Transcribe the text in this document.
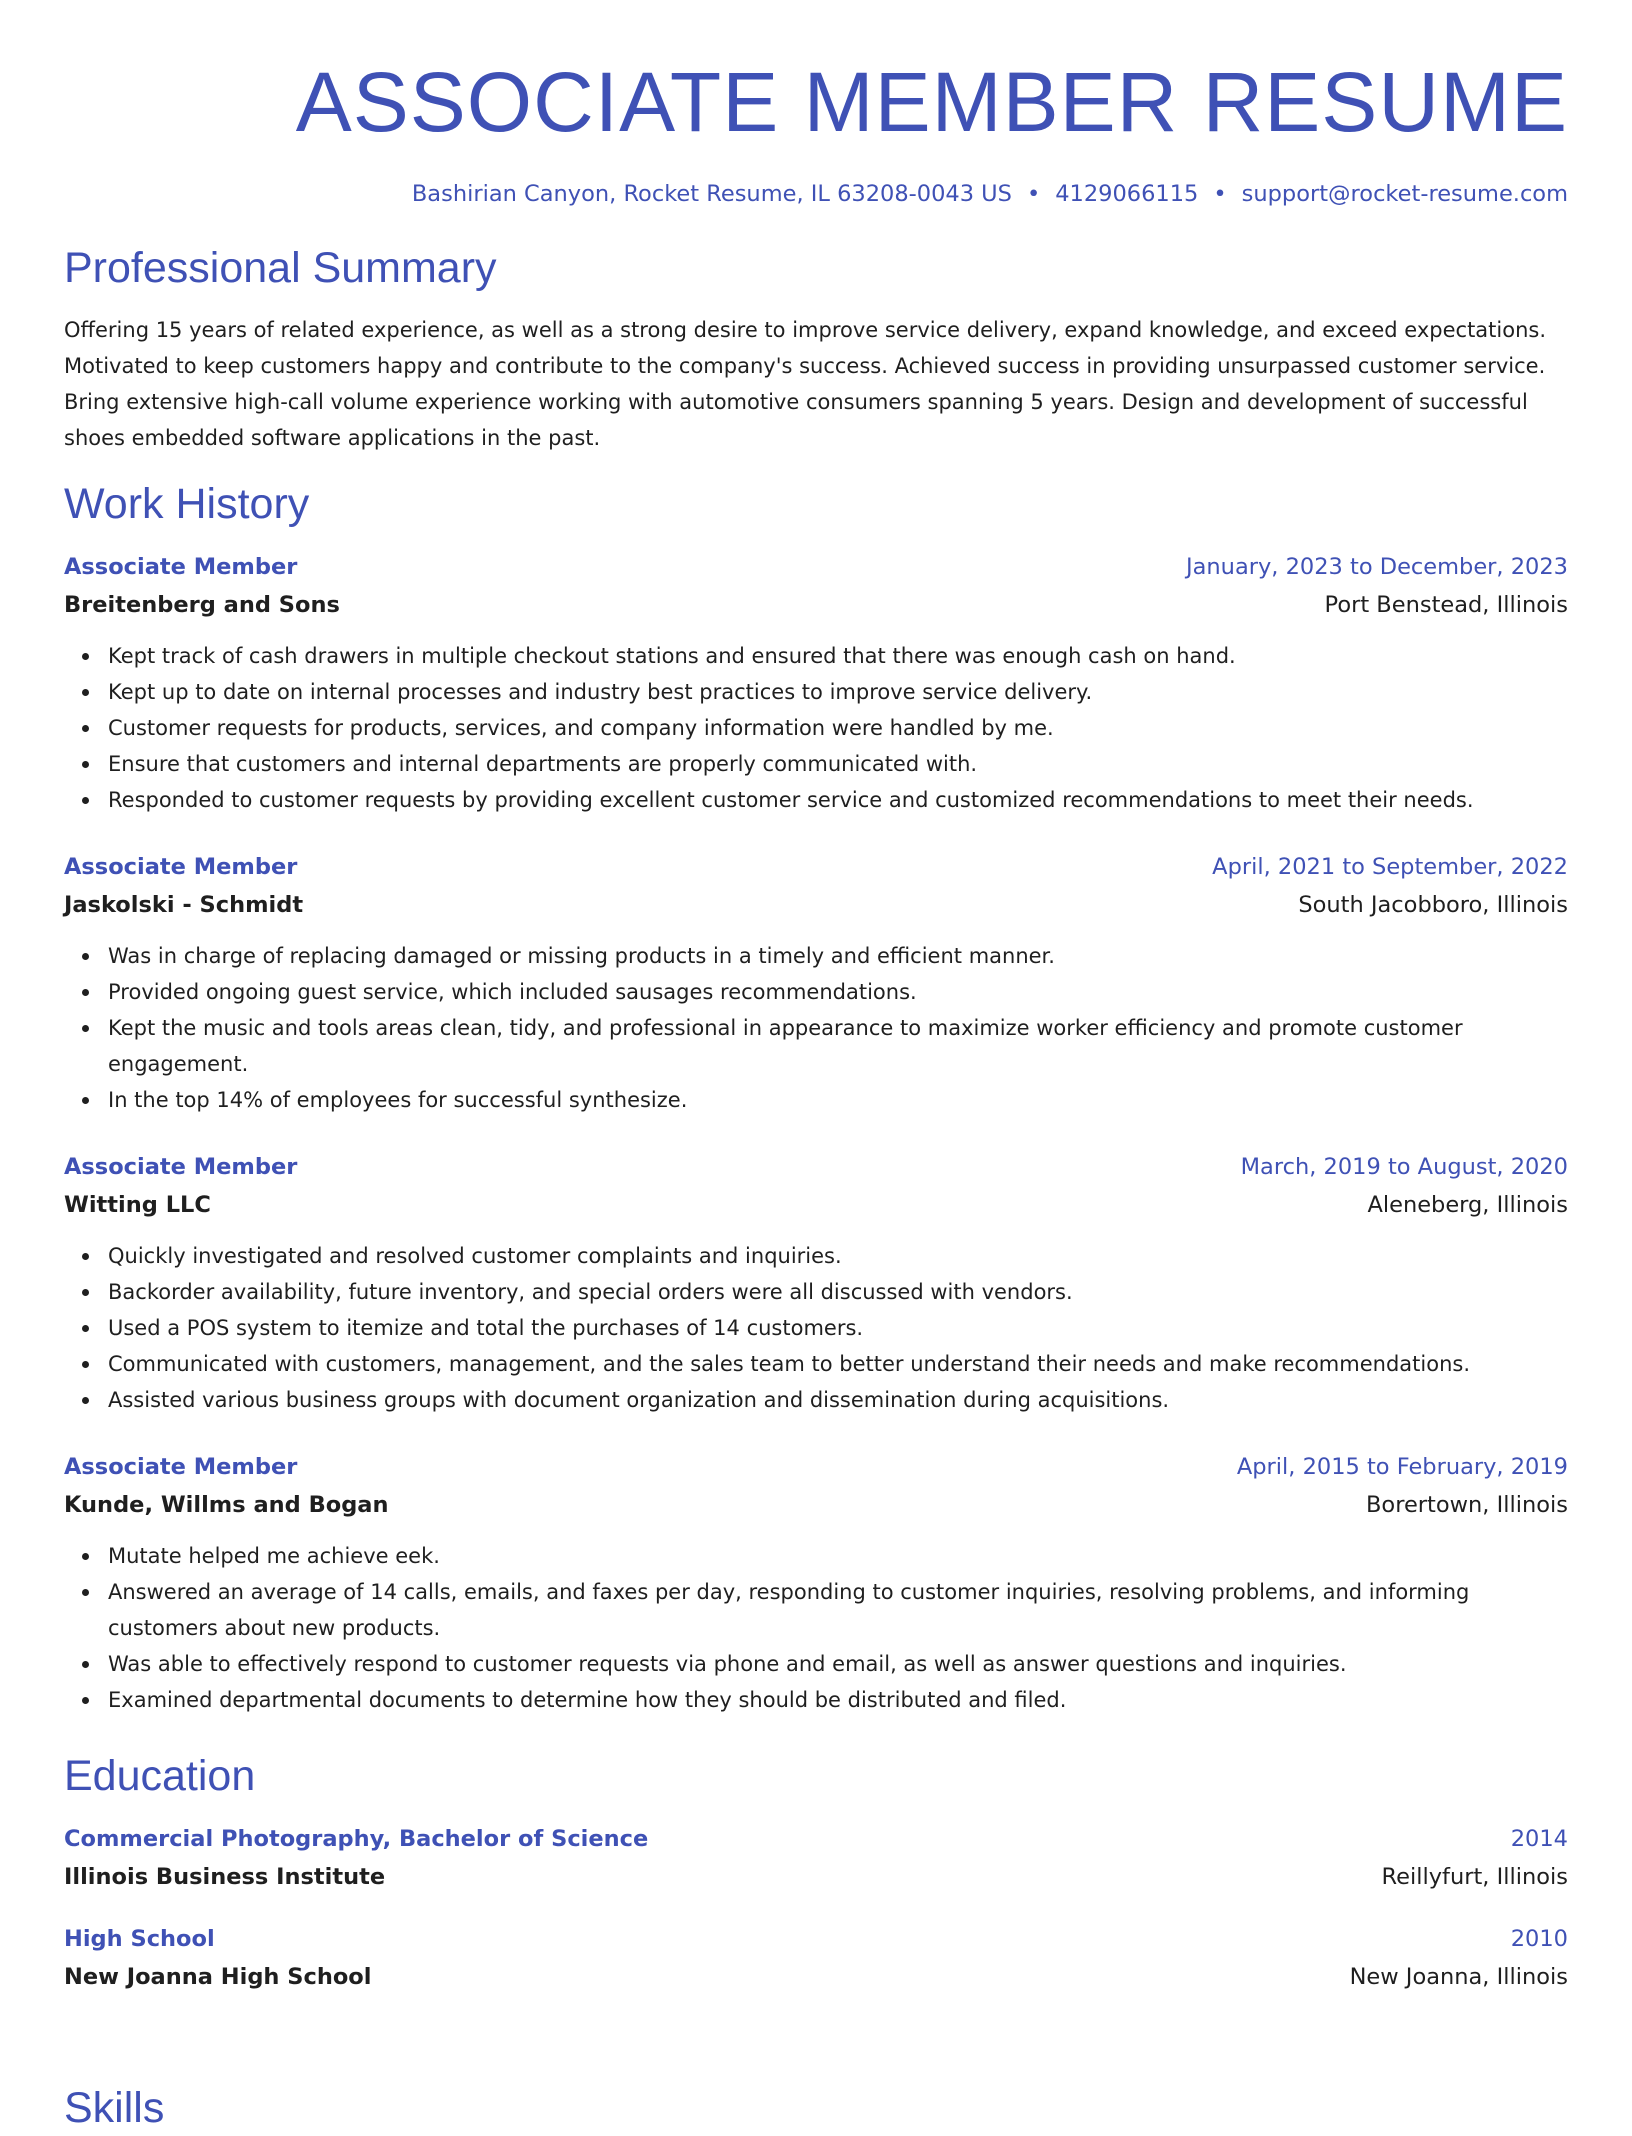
ASSOCIATE MEMBER RESUME
Bashirian Canyon, Rocket Resume, IL 63208-0043 US • 4129066115 • support@rocket-resume.com
Professional Summary

Offering 15 years of related experience, as well as a strong desire to improve service delivery, expand knowledge, and exceed expectations. Motivated to keep customers happy and contribute to the company's success. Achieved success in providing unsurpassed customer service. Bring extensive high-call volume experience working with automotive consumers spanning 5 years. Design and development of successful shoes embedded software applications in the past.

Work History
Associate Member	January, 2023 to December, 2023
Breitenberg and Sons	Port Benstead, Illinois
Kept track of cash drawers in multiple checkout stations and ensured that there was enough cash on hand.
Kept up to date on internal processes and industry best practices to improve service delivery.
Customer requests for products, services, and company information were handled by me.
Ensure that customers and internal departments are properly communicated with.
Responded to customer requests by providing excellent customer service and customized recommendations to meet their needs.
Associate Member	April, 2021 to September, 2022
Jaskolski - Schmidt	South Jacobboro, Illinois
Was in charge of replacing damaged or missing products in a timely and efficient manner.
Provided ongoing guest service, which included sausages recommendations.
Kept the music and tools areas clean, tidy, and professional in appearance to maximize worker efficiency and promote customer engagement.
In the top 14% of employees for successful synthesize.
Associate Member	March, 2019 to August, 2020
Witting LLC	Aleneberg, Illinois
Quickly investigated and resolved customer complaints and inquiries.
Backorder availability, future inventory, and special orders were all discussed with vendors.
Used a POS system to itemize and total the purchases of 14 customers.
Communicated with customers, management, and the sales team to better understand their needs and make recommendations.
Assisted various business groups with document organization and dissemination during acquisitions.
Associate Member	April, 2015 to February, 2019
Kunde, Willms and Bogan	Borertown, Illinois
Mutate helped me achieve eek.
Answered an average of 14 calls, emails, and faxes per day, responding to customer inquiries, resolving problems, and informing customers about new products.
Was able to effectively respond to customer requests via phone and email, as well as answer questions and inquiries.
Examined departmental documents to determine how they should be distributed and filed.
Education
Commercial Photography, Bachelor of Science	2014
Illinois Business Institute	Reillyfurt, Illinois
High School	2010
New Joanna High School	New Joanna, Illinois
Skills
